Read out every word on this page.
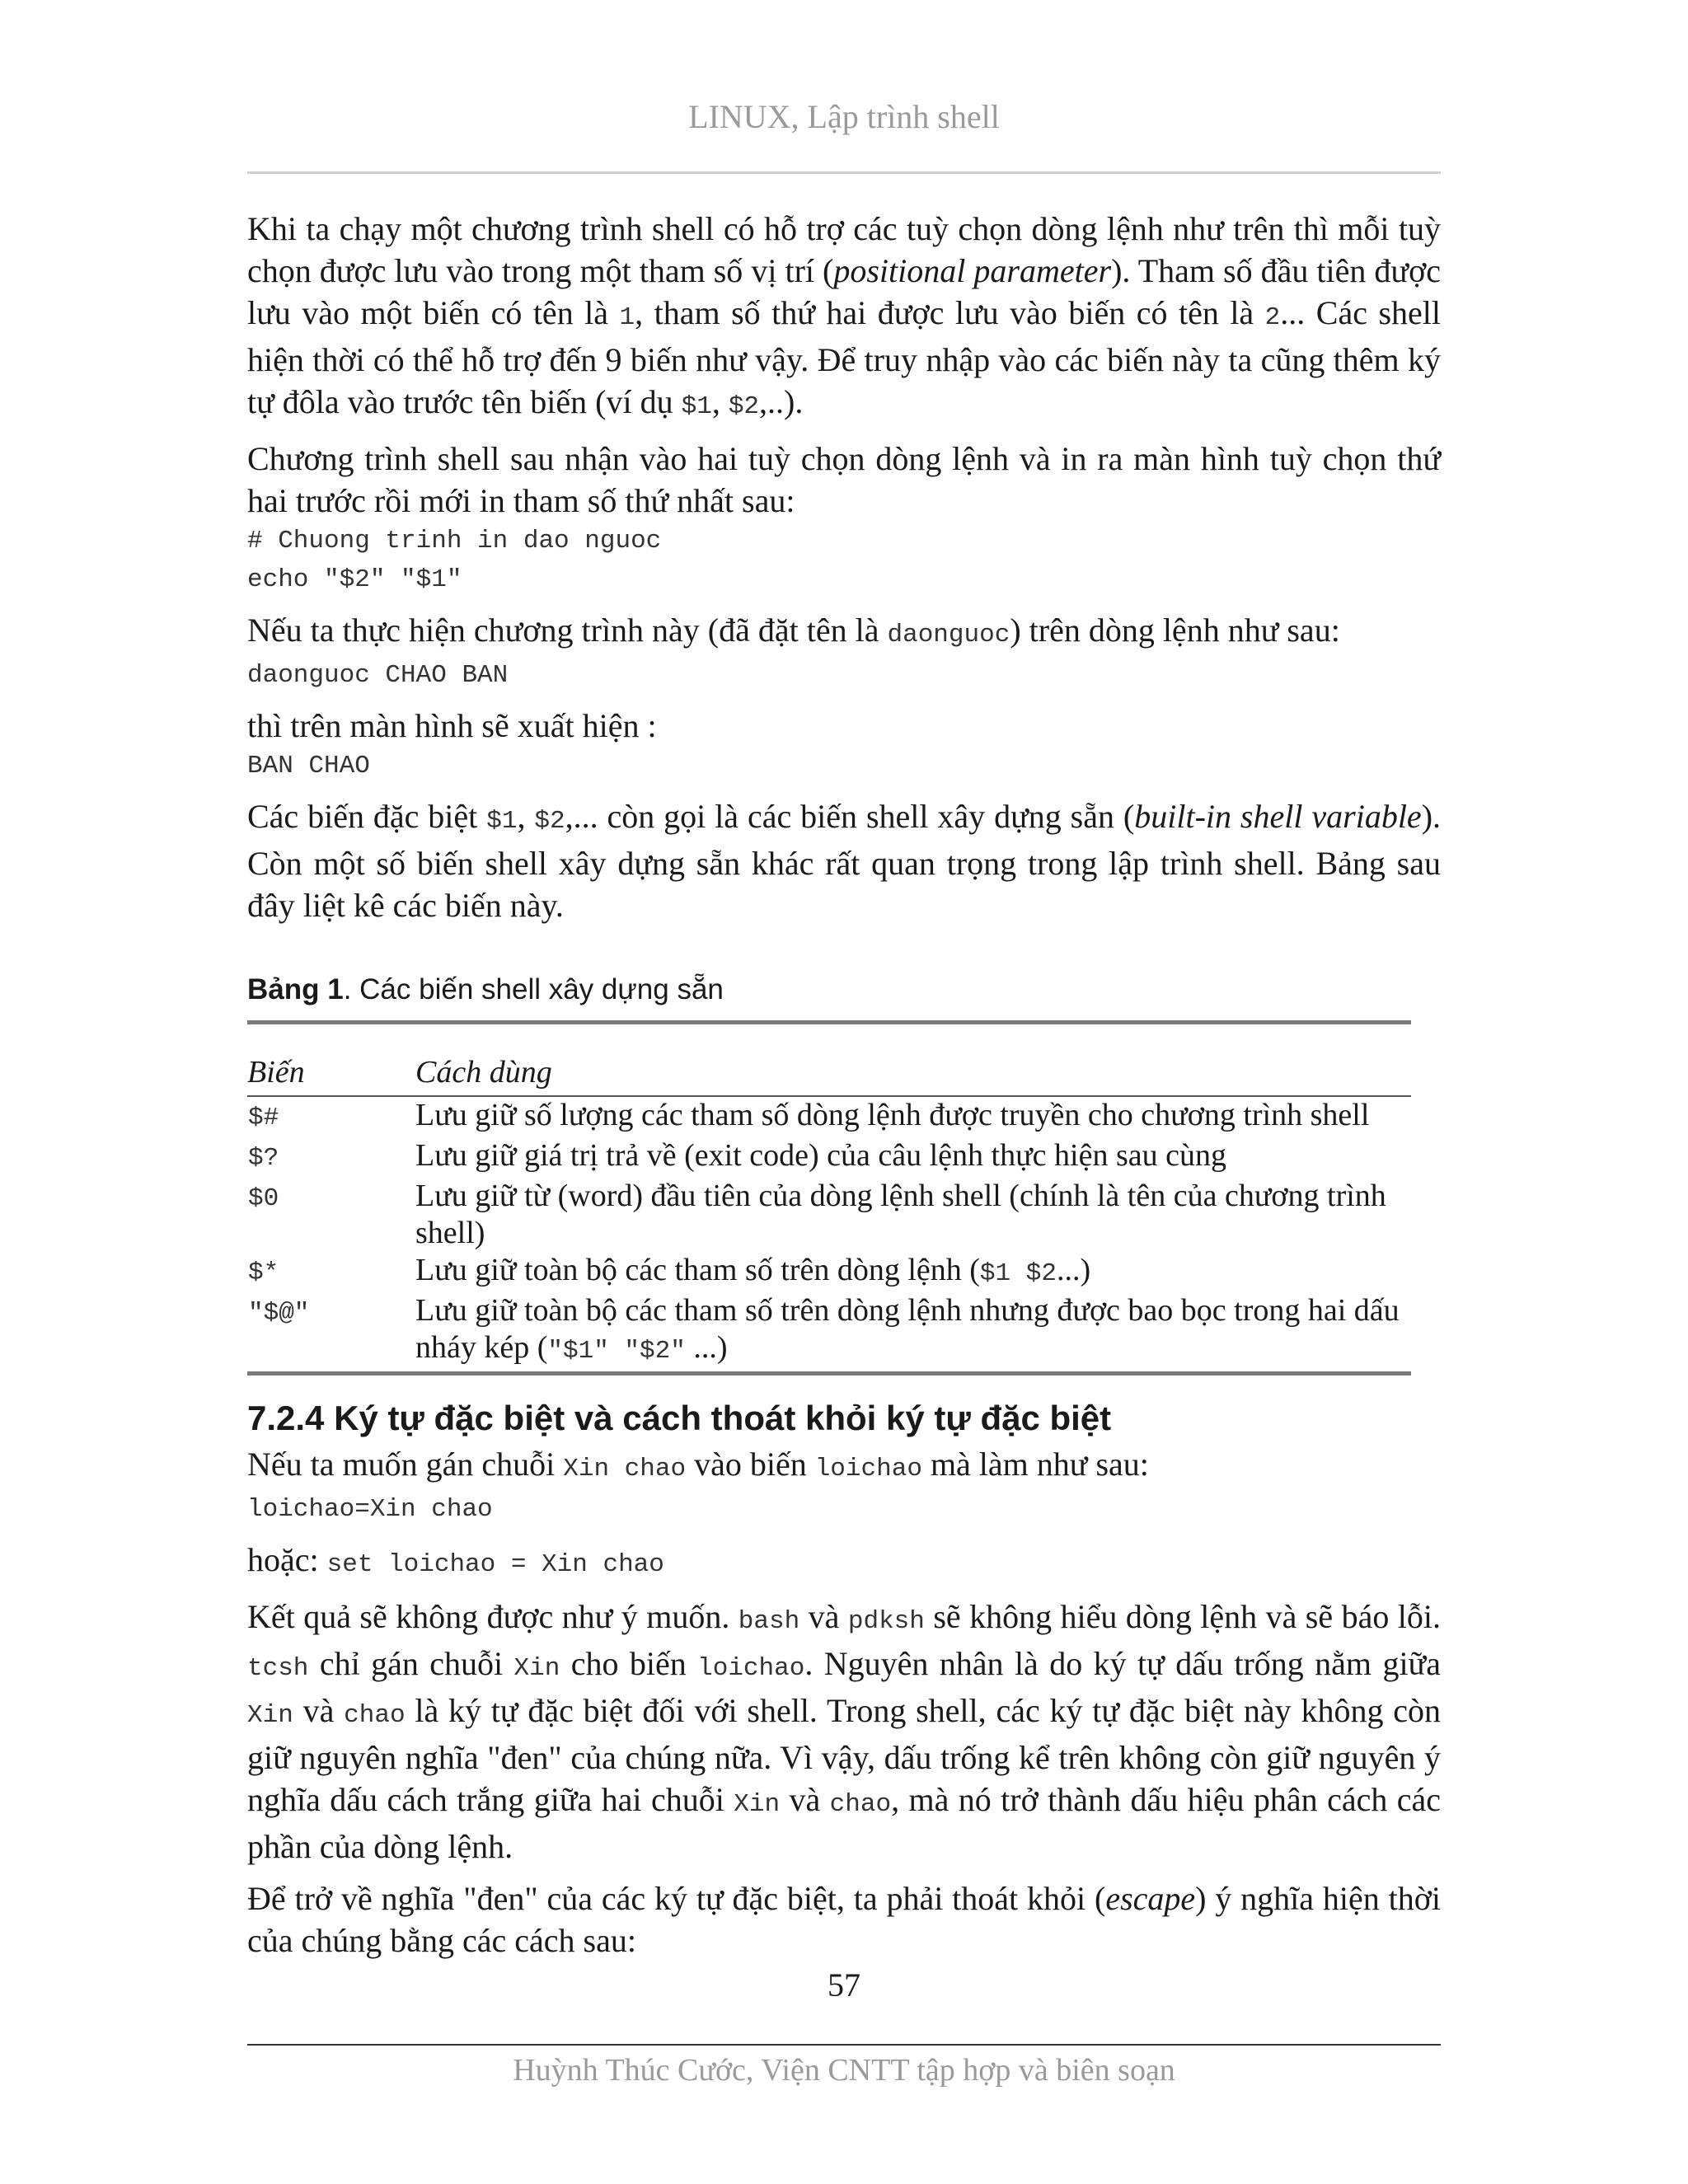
LINUX, Lập trình shell

Khi ta chạy một chương trình shell có hỗ trợ các tuỳ chọn dòng lệnh như trên thì mỗi tuỳ chọn được lưu vào trong một tham số vị trí (positional parameter). Tham số đầu tiên được lưu vào một biến có tên là 1, tham số thứ hai được lưu vào biến có tên là 2... Các shell hiện thời có thể hỗ trợ đến 9 biến như vậy. Để truy nhập vào các biến này ta cũng thêm ký tự đôla vào trước tên biến (ví dụ $1, $2,..).

Chương trình shell sau nhận vào hai tuỳ chọn dòng lệnh và in ra màn hình tuỳ chọn thứ hai trước rồi mới in tham số thứ nhất sau:

# Chuong trinh in dao nguoc
echo "$2" "$1"

Nếu ta thực hiện chương trình này (đã đặt tên là daonguoc) trên dòng lệnh như sau:

daonguoc CHAO BAN

thì trên màn hình sẽ xuất hiện :

BAN CHAO

Các biến đặc biệt $1, $2,... còn gọi là các biến shell xây dựng sẵn (built-in shell variable). Còn một số biến shell xây dựng sẵn khác rất quan trọng trong lập trình shell. Bảng sau đây liệt kê các biến này.

Bảng 1. Các biến shell xây dựng sẵn

Biến	Cách dùng
$#	Lưu giữ số lượng các tham số dòng lệnh được truyền cho chương trình shell
$?	Lưu giữ giá trị trả về (exit code) của câu lệnh thực hiện sau cùng
$0	Lưu giữ từ (word) đầu tiên của dòng lệnh shell (chính là tên của chương trình shell)
$*	Lưu giữ toàn bộ các tham số trên dòng lệnh ($1 $2...)
"$@"	Lưu giữ toàn bộ các tham số trên dòng lệnh nhưng được bao bọc trong hai dấu nháy kép ("$1" "$2" ...)
7.2.4 Ký tự đặc biệt và cách thoát khỏi ký tự đặc biệt

Nếu ta muốn gán chuỗi Xin chao vào biến loichao mà làm như sau:

loichao=Xin chao

hoặc: set loichao = Xin chao

Kết quả sẽ không được như ý muốn. bash và pdksh sẽ không hiểu dòng lệnh và sẽ báo lỗi. tcsh chỉ gán chuỗi Xin cho biến loichao. Nguyên nhân là do ký tự dấu trống nằm giữa Xin và chao là ký tự đặc biệt đối với shell. Trong shell, các ký tự đặc biệt này không còn giữ nguyên nghĩa "đen" của chúng nữa. Vì vậy, dấu trống kể trên không còn giữ nguyên ý nghĩa dấu cách trắng giữa hai chuỗi Xin và chao, mà nó trở thành dấu hiệu phân cách các phần của dòng lệnh.

Để trở về nghĩa "đen" của các ký tự đặc biệt, ta phải thoát khỏi (escape) ý nghĩa hiện thời của chúng bằng các cách sau:

57
Huỳnh Thúc Cước, Viện CNTT tập hợp và biên soạn
